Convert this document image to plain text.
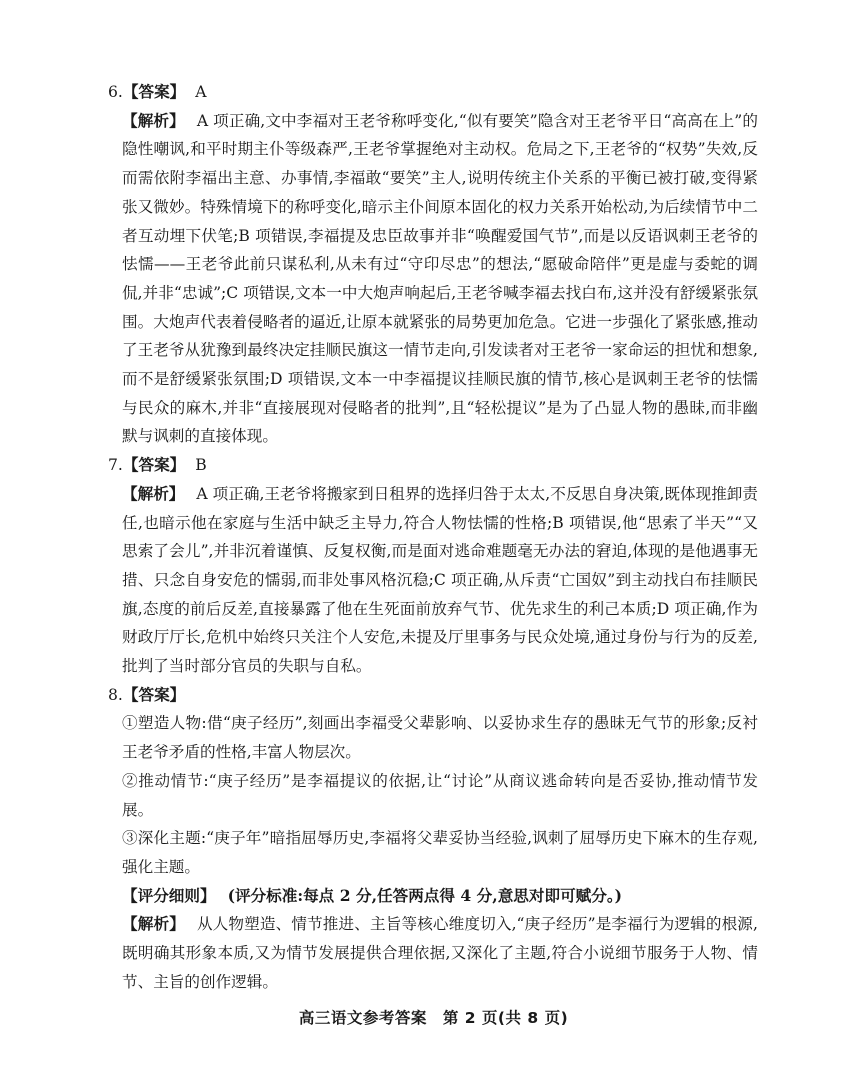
6.【答案】 A

【解析】 A 项正确,文中李福对王老爷称呼变化,“似有要笑”隐含对王老爷平日“高高在上”的隐性嘲讽,和平时期主仆等级森严,王老爷掌握绝对主动权。危局之下,王老爷的“权势”失效,反而需依附李福出主意、办事情,李福敢“要笑”主人,说明传统主仆关系的平衡已被打破,变得紧张又微妙。特殊情境下的称呼变化,暗示主仆间原本固化的权力关系开始松动,为后续情节中二者互动埋下伏笔;B 项错误,李福提及忠臣故事并非“唤醒爱国气节”,而是以反语讽刺王老爷的怯懦——王老爷此前只谋私利,从未有过“守印尽忠”的想法,“愿破命陪伴”更是虚与委蛇的调侃,并非“忠诚”;C 项错误,文本一中大炮声响起后,王老爷喊李福去找白布,这并没有舒缓紧张氛围。大炮声代表着侵略者的逼近,让原本就紧张的局势更加危急。它进一步强化了紧张感,推动了王老爷从犹豫到最终决定挂顺民旗这一情节走向,引发读者对王老爷一家命运的担忧和想象,而不是舒缓紧张氛围;D 项错误,文本一中李福提议挂顺民旗的情节,核心是讽刺王老爷的怯懦与民众的麻木,并非“直接展现对侵略者的批判”,且“轻松提议”是为了凸显人物的愚昧,而非幽默与讽刺的直接体现。

7.【答案】 B

【解析】 A 项正确,王老爷将搬家到日租界的选择归咎于太太,不反思自身决策,既体现推卸责任,也暗示他在家庭与生活中缺乏主导力,符合人物怯懦的性格;B 项错误,他“思索了半天”“又思索了会儿”,并非沉着谨慎、反复权衡,而是面对逃命难题毫无办法的窘迫,体现的是他遇事无措、只念自身安危的懦弱,而非处事风格沉稳;C 项正确,从斥责“亡国奴”到主动找白布挂顺民旗,态度的前后反差,直接暴露了他在生死面前放弃气节、优先求生的利己本质;D 项正确,作为财政厅厅长,危机中始终只关注个人安危,未提及厅里事务与民众处境,通过身份与行为的反差,批判了当时部分官员的失职与自私。

8.【答案】

①塑造人物:借“庚子经历”,刻画出李福受父辈影响、以妥协求生存的愚昧无气节的形象;反衬王老爷矛盾的性格,丰富人物层次。

②推动情节:“庚子经历”是李福提议的依据,让“讨论”从商议逃命转向是否妥协,推动情节发展。

③深化主题:“庚子年”暗指屈辱历史,李福将父辈妥协当经验,讽刺了屈辱历史下麻木的生存观,强化主题。

【评分细则】 (评分标准:每点 2 分,任答两点得 4 分,意思对即可赋分。)

【解析】 从人物塑造、情节推进、主旨等核心维度切入,“庚子经历”是李福行为逻辑的根源,既明确其形象本质,又为情节发展提供合理依据,又深化了主题,符合小说细节服务于人物、情节、主旨的创作逻辑。

高三语文参考答案 第 2 页(共 8 页)
